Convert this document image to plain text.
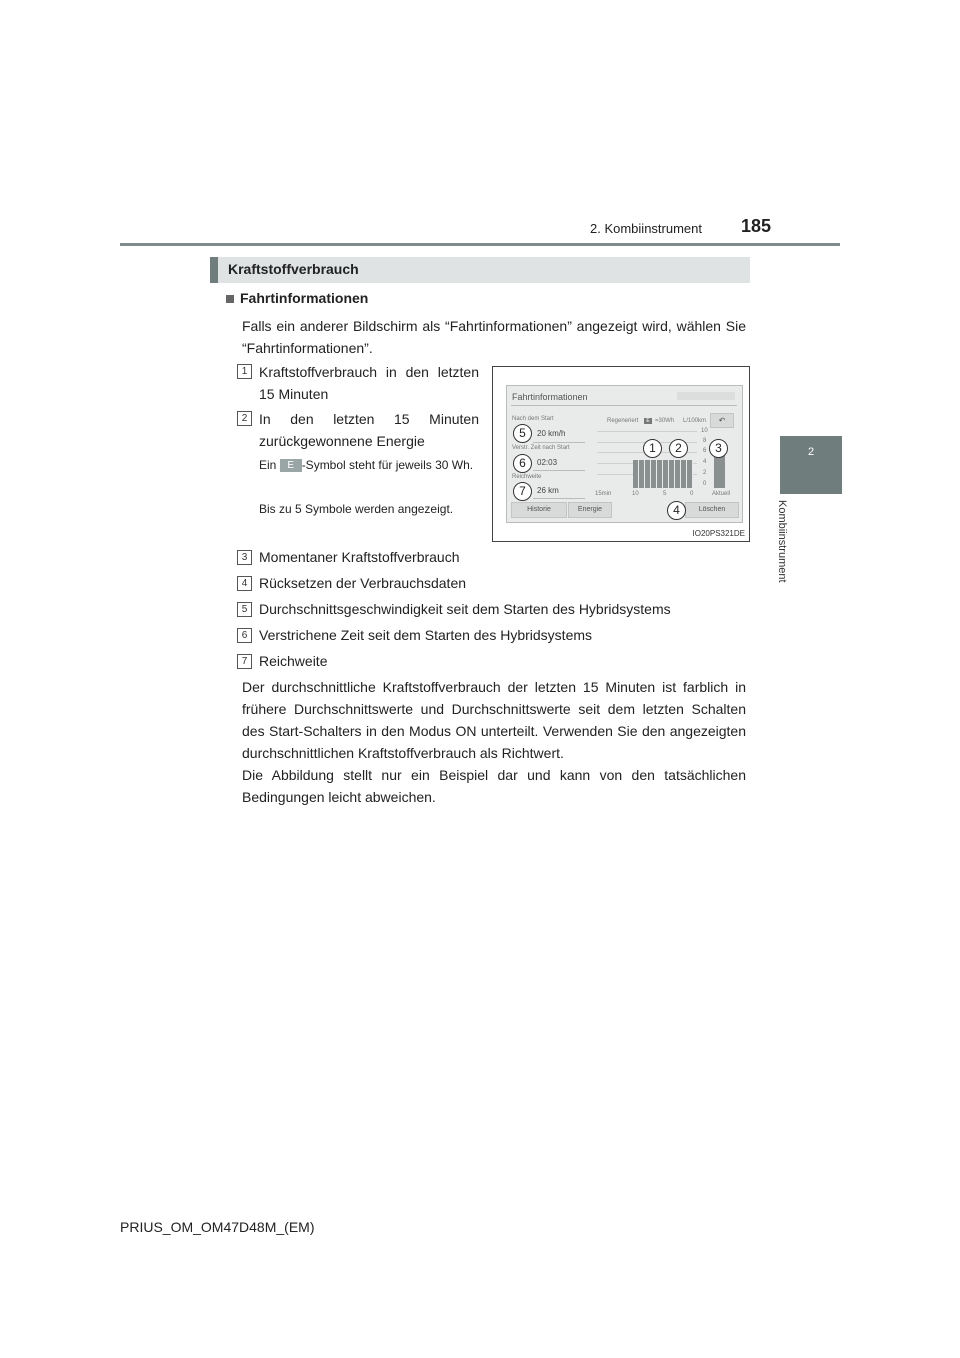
2. Kombiinstrument 185
2
Kombiinstrument
Kraftstoffverbrauch
Fahrtinformationen
Falls ein anderer Bildschirm als “Fahrtinformationen” angezeigt wird, wählen Sie “Fahrtinformationen”.
1 Kraftstoffverbrauch in den letzten 15 Minuten
2 In den letzten 15 Minuten zurückgewonnene Energie
Ein E -Symbol steht für jeweils 30 Wh.
Bis zu 5 Symbole werden angezeigt.
Fahrtinformationen
Nach dem Start
20 km/h
Verstr. Zeit nach Start
02:03
Reichweite
26 km
Regeneriert	E =30Wh L/100km	↶
10
8
6
4
2
0
15min	10	5	0	Aktuell
Historie	Energie	Löschen
5
6
7
1	2	3
4
IO20PS321DE
3 Momentaner Kraftstoffverbrauch
4 Rücksetzen der Verbrauchsdaten
5 Durchschnittsgeschwindigkeit seit dem Starten des Hybridsystems
6 Verstrichene Zeit seit dem Starten des Hybridsystems
7 Reichweite
Der durchschnittliche Kraftstoffverbrauch der letzten 15 Minuten ist farblich in frühere Durchschnittswerte und Durchschnittswerte seit dem letzten Schalten des Start-Schalters in den Modus ON unterteilt. Verwenden Sie den angezeigten durchschnittlichen Kraftstoffverbrauch als Richtwert.
Die Abbildung stellt nur ein Beispiel dar und kann von den tatsächlichen Bedingungen leicht abweichen.
PRIUS_OM_OM47D48M_(EM)
